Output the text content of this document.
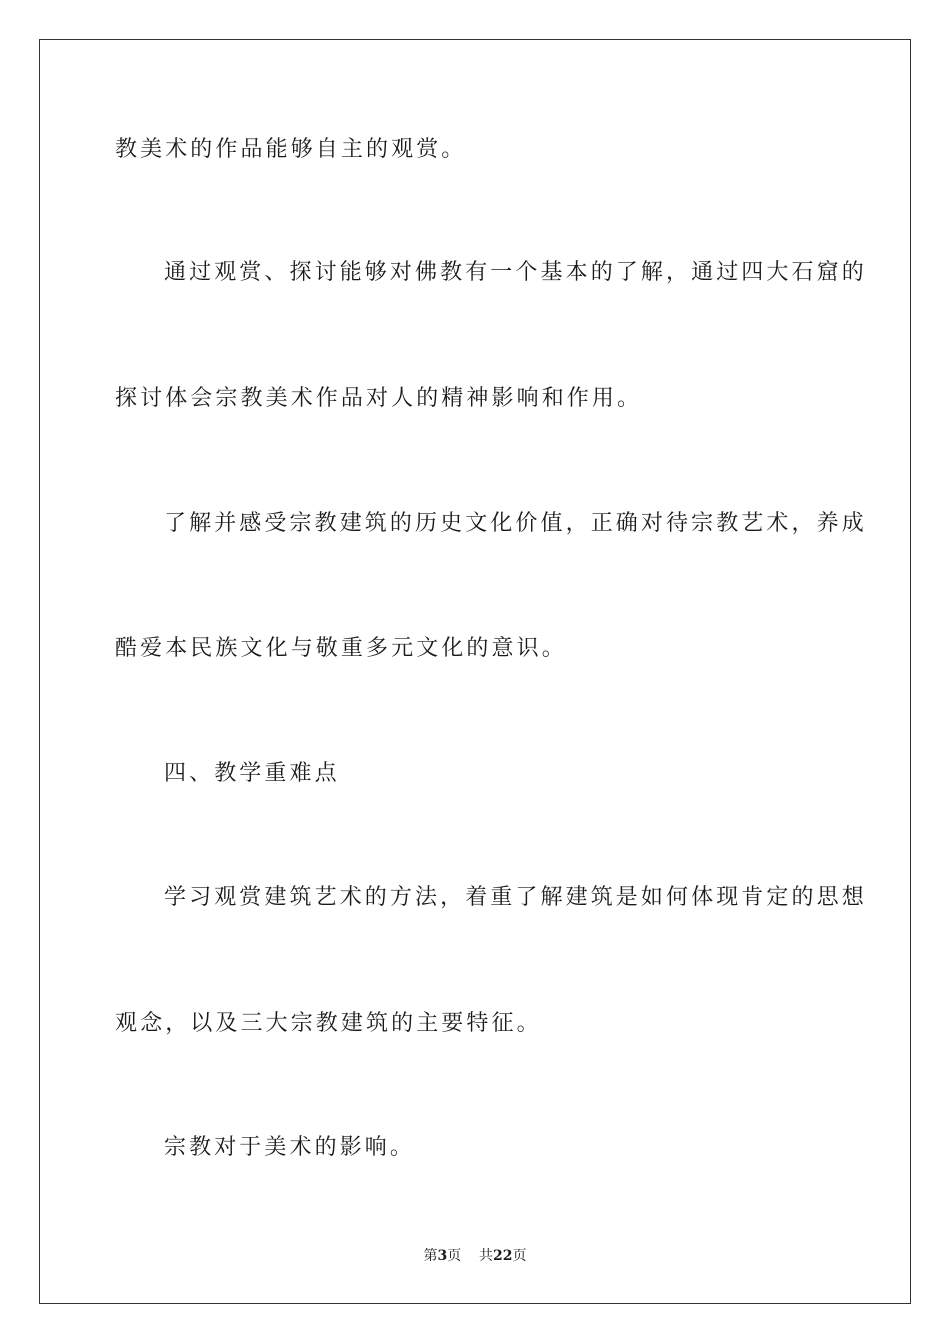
教美术的作品能够自主的观赏。
通过观赏、探讨能够对佛教有一个基本的了解，通过四大石窟的
探讨体会宗教美术作品对人的精神影响和作用。
了解并感受宗教建筑的历史文化价值，正确对待宗教艺术，养成
酷爱本民族文化与敬重多元文化的意识。
四、教学重难点
学习观赏建筑艺术的方法，着重了解建筑是如何体现肯定的思想
观念，以及三大宗教建筑的主要特征。
宗教对于美术的影响。
第3页 共22页
